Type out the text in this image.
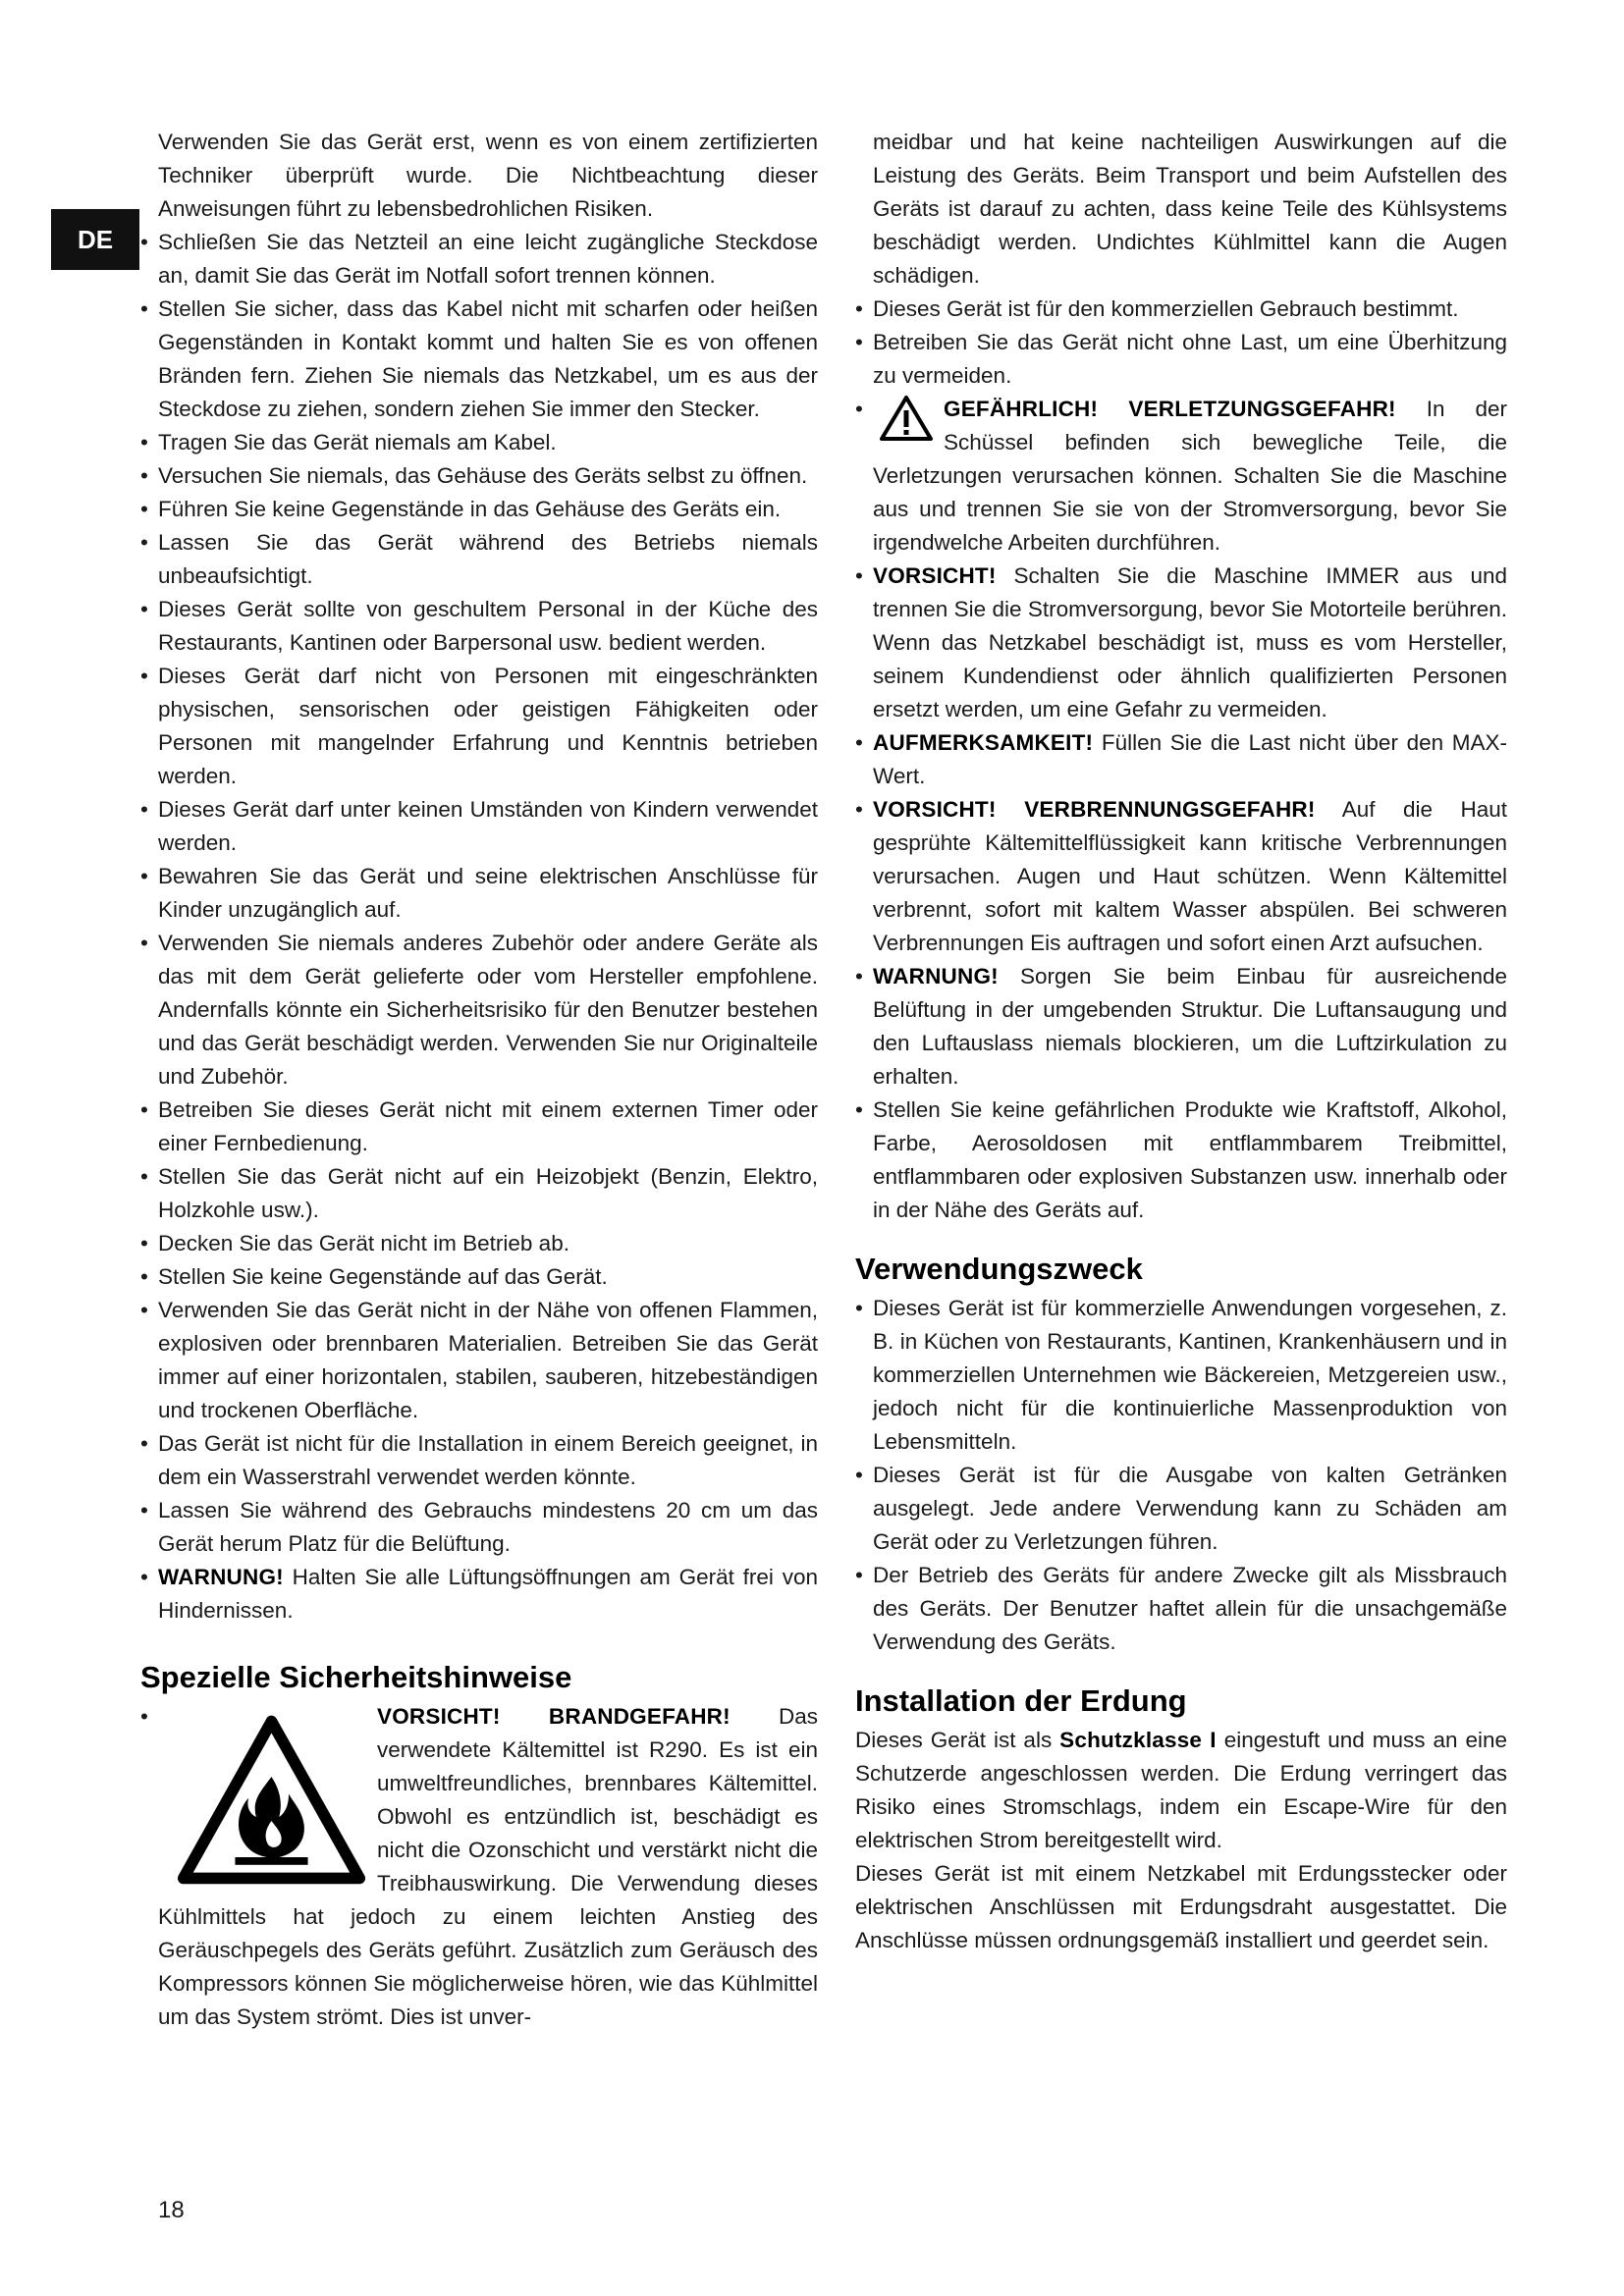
DE

Verwenden Sie das Gerät erst, wenn es von einem zertifizierten Techniker überprüft wurde. Die Nichtbeachtung dieser Anweisungen führt zu lebensbedrohlichen Risiken.

• Schließen Sie das Netzteil an eine leicht zugängliche Steckdose an, damit Sie das Gerät im Notfall sofort trennen können.
• Stellen Sie sicher, dass das Kabel nicht mit scharfen oder heißen Gegenständen in Kontakt kommt und halten Sie es von offenen Bränden fern. Ziehen Sie niemals das Netzkabel, um es aus der Steckdose zu ziehen, sondern ziehen Sie immer den Stecker.
• Tragen Sie das Gerät niemals am Kabel.
• Versuchen Sie niemals, das Gehäuse des Geräts selbst zu öffnen.
• Führen Sie keine Gegenstände in das Gehäuse des Geräts ein.
• Lassen Sie das Gerät während des Betriebs niemals unbeaufsichtigt.
• Dieses Gerät sollte von geschultem Personal in der Küche des Restaurants, Kantinen oder Barpersonal usw. bedient werden.
• Dieses Gerät darf nicht von Personen mit eingeschränkten physischen, sensorischen oder geistigen Fähigkeiten oder Personen mit mangelnder Erfahrung und Kenntnis betrieben werden.
• Dieses Gerät darf unter keinen Umständen von Kindern verwendet werden.
• Bewahren Sie das Gerät und seine elektrischen Anschlüsse für Kinder unzugänglich auf.
• Verwenden Sie niemals anderes Zubehör oder andere Geräte als das mit dem Gerät gelieferte oder vom Hersteller empfohlene. Andernfalls könnte ein Sicherheitsrisiko für den Benutzer bestehen und das Gerät beschädigt werden. Verwenden Sie nur Originalteile und Zubehör.
• Betreiben Sie dieses Gerät nicht mit einem externen Timer oder einer Fernbedienung.
• Stellen Sie das Gerät nicht auf ein Heizobjekt (Benzin, Elektro, Holzkohle usw.).
• Decken Sie das Gerät nicht im Betrieb ab.
• Stellen Sie keine Gegenstände auf das Gerät.
• Verwenden Sie das Gerät nicht in der Nähe von offenen Flammen, explosiven oder brennbaren Materialien. Betreiben Sie das Gerät immer auf einer horizontalen, stabilen, sauberen, hitzebeständigen und trockenen Oberfläche.
• Das Gerät ist nicht für die Installation in einem Bereich geeignet, in dem ein Wasserstrahl verwendet werden könnte.
• Lassen Sie während des Gebrauchs mindestens 20 cm um das Gerät herum Platz für die Belüftung.
• WARNUNG! Halten Sie alle Lüftungsöffnungen am Gerät frei von Hindernissen.
Spezielle Sicherheitshinweise
• VORSICHT! BRANDGEFAHR! Das verwendete Kältemittel ist R290. Es ist ein umweltfreundliches, brennbares Kältemittel. Obwohl es entzündlich ist, beschädigt es nicht die Ozonschicht und verstärkt nicht die Treibhauswirkung. Die Verwendung dieses Kühlmittels hat jedoch zu einem leichten Anstieg des Geräuschpegels des Geräts geführt. Zusätzlich zum Geräusch des Kompressors können Sie möglicherweise hören, wie das Kühlmittel um das System strömt. Dies ist unver-

meidbar und hat keine nachteiligen Auswirkungen auf die Leistung des Geräts. Beim Transport und beim Aufstellen des Geräts ist darauf zu achten, dass keine Teile des Kühlsystems beschädigt werden. Undichtes Kühlmittel kann die Augen schädigen.

• Dieses Gerät ist für den kommerziellen Gebrauch bestimmt.
• Betreiben Sie das Gerät nicht ohne Last, um eine Überhitzung zu vermeiden.
• GEFÄHRLICH! VERLETZUNGSGEFAHR! In der Schüssel befinden sich bewegliche Teile, die Verletzungen verursachen können. Schalten Sie die Maschine aus und trennen Sie sie von der Stromversorgung, bevor Sie irgendwelche Arbeiten durchführen.
• VORSICHT! Schalten Sie die Maschine IMMER aus und trennen Sie die Stromversorgung, bevor Sie Motorteile berühren. Wenn das Netzkabel beschädigt ist, muss es vom Hersteller, seinem Kundendienst oder ähnlich qualifizierten Personen ersetzt werden, um eine Gefahr zu vermeiden.
• AUFMERKSAMKEIT! Füllen Sie die Last nicht über den MAX-Wert.
• VORSICHT! VERBRENNUNGSGEFAHR! Auf die Haut gesprühte Kältemittelflüssigkeit kann kritische Verbrennungen verursachen. Augen und Haut schützen. Wenn Kältemittel verbrennt, sofort mit kaltem Wasser abspülen. Bei schweren Verbrennungen Eis auftragen und sofort einen Arzt aufsuchen.
• WARNUNG! Sorgen Sie beim Einbau für ausreichende Belüftung in der umgebenden Struktur. Die Luftansaugung und den Luftauslass niemals blockieren, um die Luftzirkulation zu erhalten.
• Stellen Sie keine gefährlichen Produkte wie Kraftstoff, Alkohol, Farbe, Aerosoldosen mit entflammbarem Treibmittel, entflammbaren oder explosiven Substanzen usw. innerhalb oder in der Nähe des Geräts auf.
Verwendungszweck
• Dieses Gerät ist für kommerzielle Anwendungen vorgesehen, z. B. in Küchen von Restaurants, Kantinen, Krankenhäusern und in kommerziellen Unternehmen wie Bäckereien, Metzgereien usw., jedoch nicht für die kontinuierliche Massenproduktion von Lebensmitteln.
• Dieses Gerät ist für die Ausgabe von kalten Getränken ausgelegt. Jede andere Verwendung kann zu Schäden am Gerät oder zu Verletzungen führen.
• Der Betrieb des Geräts für andere Zwecke gilt als Missbrauch des Geräts. Der Benutzer haftet allein für die unsachgemäße Verwendung des Geräts.
Installation der Erdung

Dieses Gerät ist als Schutzklasse I eingestuft und muss an eine Schutzerde angeschlossen werden. Die Erdung verringert das Risiko eines Stromschlags, indem ein Escape-Wire für den elektrischen Strom bereitgestellt wird.

Dieses Gerät ist mit einem Netzkabel mit Erdungsstecker oder elektrischen Anschlüssen mit Erdungsdraht ausgestattet. Die Anschlüsse müssen ordnungsgemäß installiert und geerdet sein.

18
